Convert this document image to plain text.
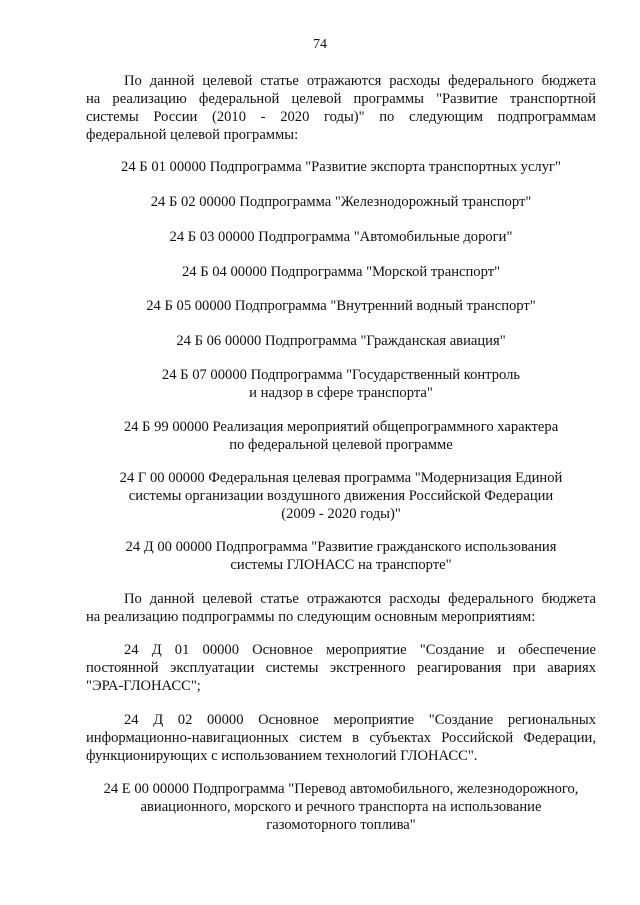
74
По данной целевой статье отражаются расходы федерального бюджета
на реализацию федеральной целевой программы "Развитие транспортной
системы России (2010 - 2020 годы)" по следующим подпрограммам
федеральной целевой программы:
24 Б 01 00000 Подпрограмма "Развитие экспорта транспортных услуг"
24 Б 02 00000 Подпрограмма "Железнодорожный транспорт"
24 Б 03 00000 Подпрограмма "Автомобильные дороги"
24 Б 04 00000 Подпрограмма "Морской транспорт"
24 Б 05 00000 Подпрограмма "Внутренний водный транспорт"
24 Б 06 00000 Подпрограмма "Гражданская авиация"
24 Б 07 00000 Подпрограмма "Государственный контроль
и надзор в сфере транспорта"
24 Б 99 00000 Реализация мероприятий общепрограммного характера
по федеральной целевой программе
24 Г 00 00000 Федеральная целевая программа "Модернизация Единой
системы организации воздушного движения Российской Федерации
(2009 - 2020 годы)"
24 Д 00 00000 Подпрограмма "Развитие гражданского использования
системы ГЛОНАСС на транспорте"
По данной целевой статье отражаются расходы федерального бюджета
на реализацию подпрограммы по следующим основным мероприятиям:
24 Д 01 00000 Основное мероприятие "Создание и обеспечение
постоянной эксплуатации системы экстренного реагирования при авариях
"ЭРА-ГЛОНАСС";
24 Д 02 00000 Основное мероприятие "Создание региональных
информационно-навигационных систем в субъектах Российской Федерации,
функционирующих с использованием технологий ГЛОНАСС".
24 Е 00 00000 Подпрограмма "Перевод автомобильного, железнодорожного,
авиационного, морского и речного транспорта на использование
газомоторного топлива"
